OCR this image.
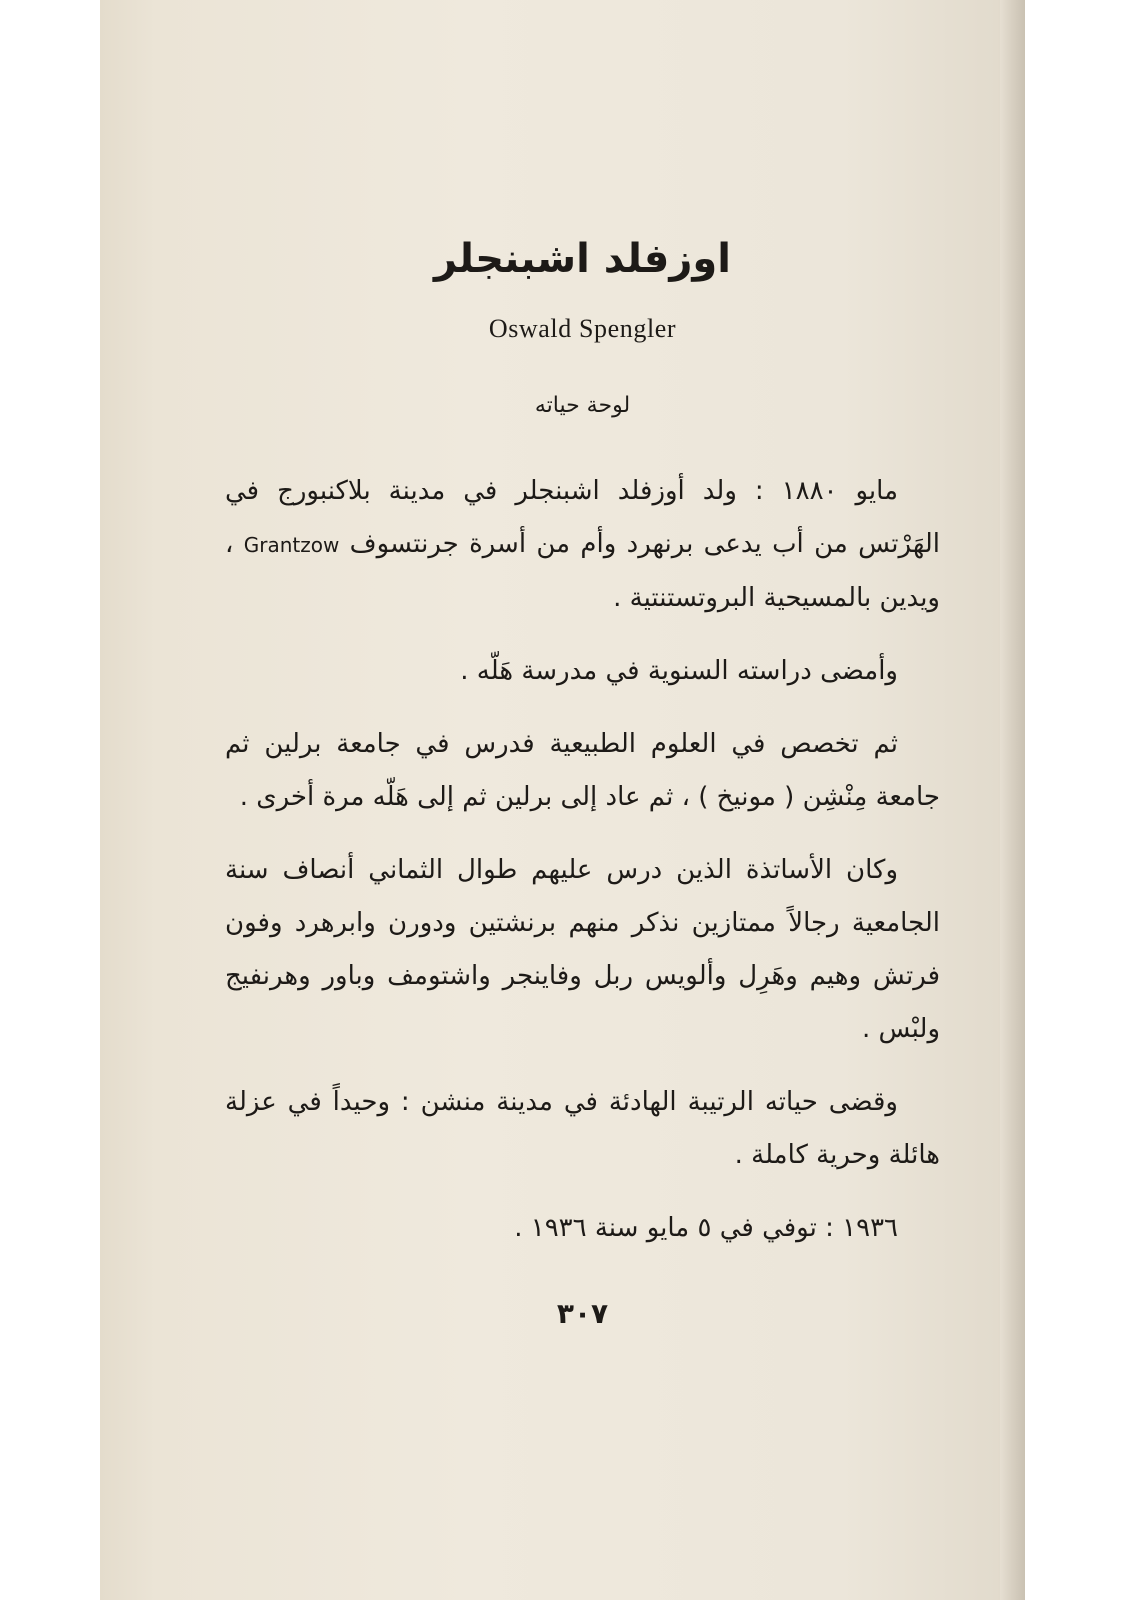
اوزفلد اشبنجلر
Oswald Spengler
لوحة حياته

مايو ١٨٨٠ : ولد أوزفلد اشبنجلر في مدينة بلاكنبورج في الهَرْتس من أب يدعى برنهرد وأم من أسرة جرنتسوف Grantzow ، ويدين بالمسيحية البروتستنتية .

وأمضى دراسته السنوية في مدرسة هَلّه .

ثم تخصص في العلوم الطبيعية فدرس في جامعة برلين ثم جامعة مِنْشِن ( مونيخ ) ، ثم عاد إلى برلين ثم إلى هَلّه مرة أخرى .

وكان الأساتذة الذين درس عليهم طوال الثماني أنصاف سنة الجامعية رجالاً ممتازين نذكر منهم برنشتين ودورن وابرهرد وفون فرتش وهيم وهَرِل وألويس ربل وفاينجر واشتومف وباور وهرنفيج ولبْس .

وقضى حياته الرتيبة الهادئة في مدينة منشن : وحيداً في عزلة هائلة وحرية كاملة .

١٩٣٦ : توفي في ٥ مايو سنة ١٩٣٦ .

٣٠٧
